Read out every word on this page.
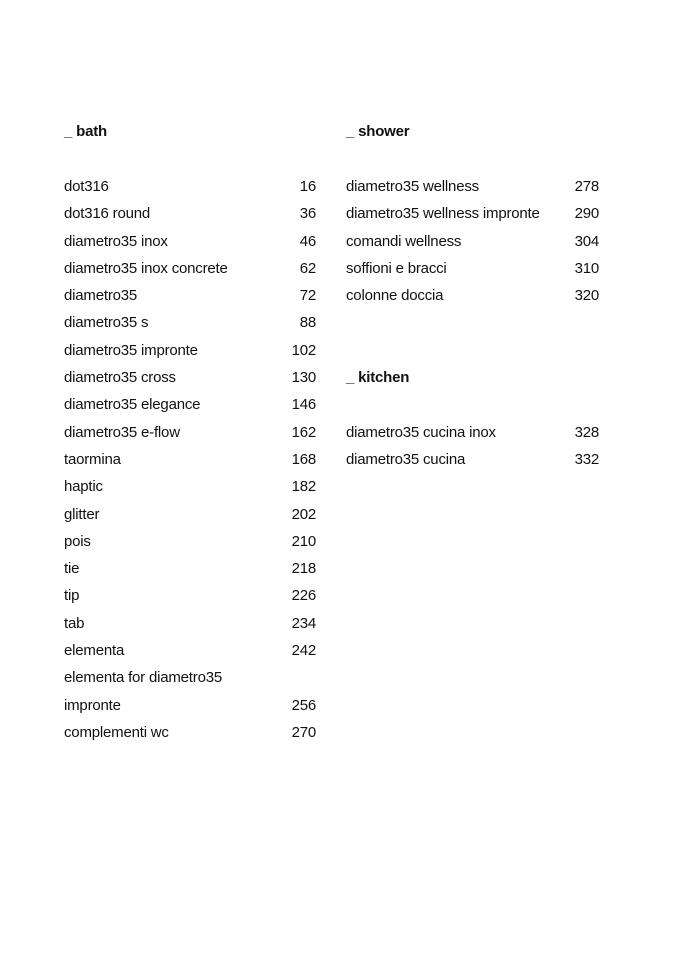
_ bath
dot316	16
dot316 round	36
diametro35 inox	46
diametro35 inox concrete	62
diametro35	72
diametro35 s	88
diametro35 impronte	102
diametro35 cross	130
diametro35 elegance	146
diametro35 e-flow	162
taormina	168
haptic	182
glitter	202
pois	210
tie	218
tip	226
tab	234
elementa	242
elementa for diametro35
impronte	256
complementi wc	270
_ shower
diametro35 wellness	278
diametro35 wellness impronte 290
comandi wellness	304
soffioni e bracci	310
colonne doccia	320
_ kitchen
diametro35 cucina inox	328
diametro35 cucina	332
